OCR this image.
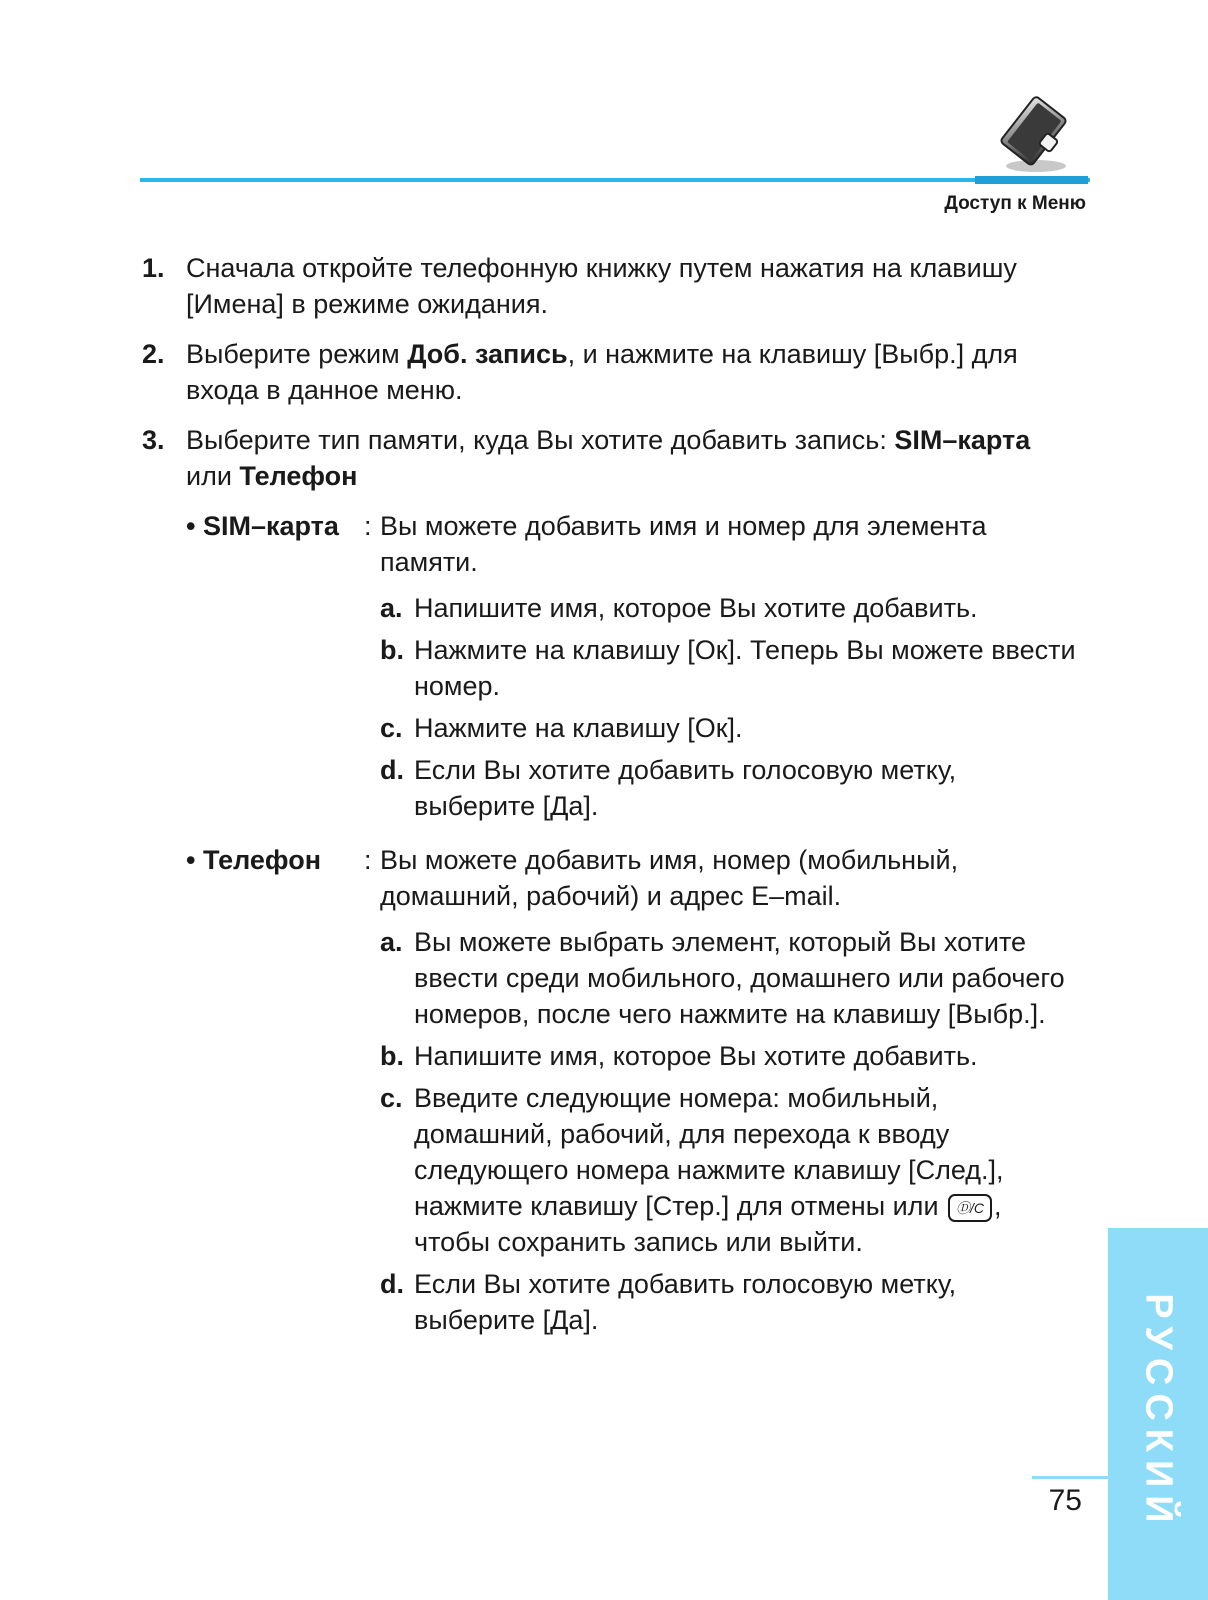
Доступ к Меню
1. Сначала откройте телефонную книжку путем нажатия на клавишу [Имена] в режиме ожидания.
2. Выберите режим Доб. запись, и нажмите на клавишу [Выбр.] для входа в данное меню.
3. Выберите тип памяти, куда Вы хотите добавить запись: SIM–карта или Телефон
• SIM–карта : Вы можете добавить имя и номер для элемента памяти.
a. Напишите имя, которое Вы хотите добавить.
b. Нажмите на клавишу [Ок]. Теперь Вы можете ввести номер.
c. Нажмите на клавишу [Ок].
d. Если Вы хотите добавить голосовую метку, выберите [Да].
• Телефон	: Вы можете добавить имя, номер (мобильный, домашний, рабочий) и адрес E–mail.
a. Вы можете выбрать элемент, который Вы хотите ввести среди мобильного, домашнего или рабочего номеров, после чего нажмите на клавишу [Выбр.].
b. Напишите имя, которое Вы хотите добавить.
c. Введите следующие номера: мобильный, домашний, рабочий, для перехода к вводу следующего номера нажмите клавишу [След.], нажмите клавишу [Стер.] для отмены или Ⓓ/C , чтобы сохранить запись или выйти.
d. Если Вы хотите добавить голосовую метку, выберите [Да].	РУССКИЙ
75
